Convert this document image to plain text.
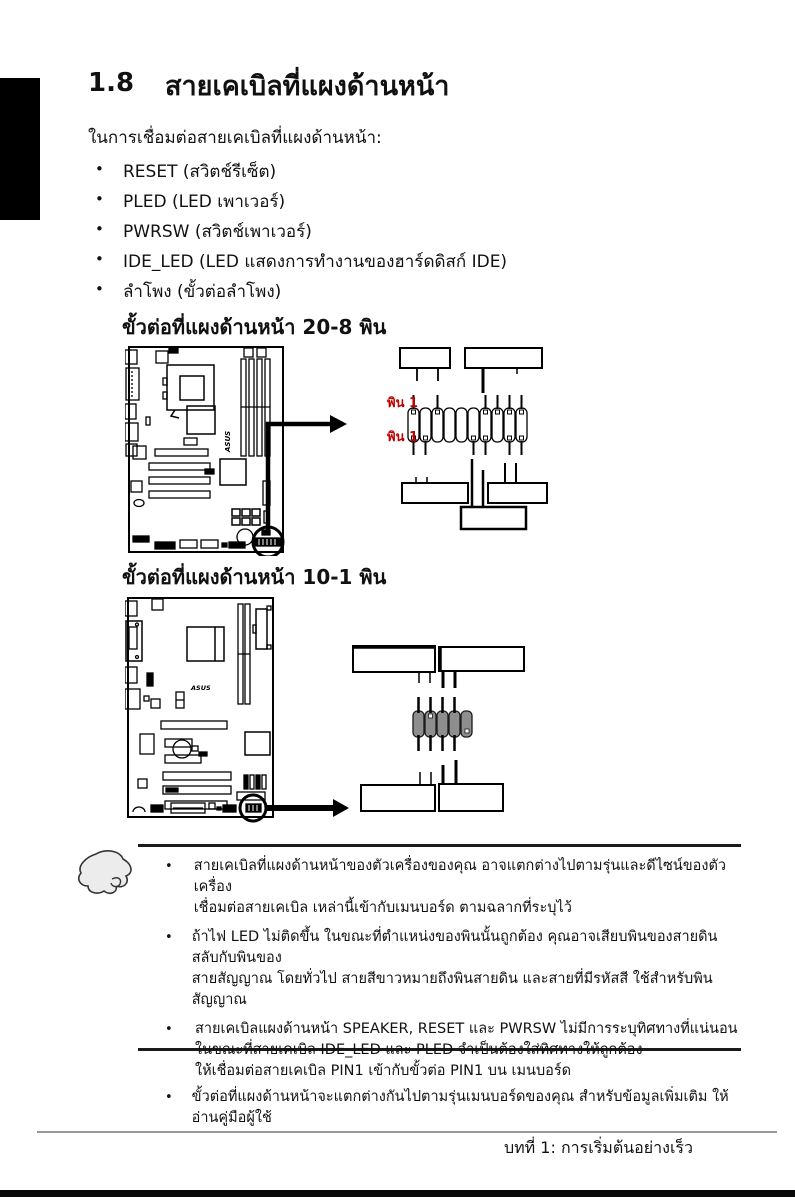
1.8 สายเคเบิลที่แผงด้านหน้า
ในการเชื่อมต่อสายเคเบิลที่แผงด้านหน้า:
• RESET (สวิตช์รีเซ็ต)
• PLED (LED เพาเวอร์)
• PWRSW (สวิตช์เพาเวอร์)
• IDE_LED (LED แสดงการทำงานของฮาร์ดดิสก์ IDE)
• ลำโพง (ขั้วต่อลำโพง)
ขั้วต่อที่แผงด้านหน้า 20-8 พิน
ASUS
พิน 1
พิน 1
ขั้วต่อที่แผงด้านหน้า 10-1 พิน
ASUS
• สายเคเบิลที่แผงด้านหน้าของตัวเครื่องของคุณ อาจแตกต่างไปตามรุ่นและดีไซน์ของตัวเครื่อง
เชื่อมต่อสายเคเบิล เหล่านี้เข้ากับเมนบอร์ด ตามฉลากที่ระบุไว้
• ถ้าไฟ LED ไม่ติดขึ้น ในขณะที่ตำแหน่งของพินนั้นถูกต้อง คุณอาจเสียบพินของสายดินสลับกับพินของ
สายสัญญาณ โดยทั่วไป สายสีขาวหมายถึงพินสายดิน และสายที่มีรหัสสี ใช้สำหรับพินสัญญาณ
• สายเคเบิลแผงด้านหน้า SPEAKER, RESET และ PWRSW ไม่มีการระบุทิศทางที่แน่นอน
ในขณะที่สายเคเบิล IDE_LED และ PLED จำเป็นต้องใส่ทิศทางให้ถูกต้อง
ให้เชื่อมต่อสายเคเบิล PIN1 เข้ากับขั้วต่อ PIN1 บน เมนบอร์ด
• ขั้วต่อที่แผงด้านหน้าจะแตกต่างกันไปตามรุ่นเมนบอร์ดของคุณ สำหรับข้อมูลเพิ่มเติม ให้อ่านคู่มือผู้ใช้
บทที่ 1: การเริ่มต้นอย่างเร็ว
